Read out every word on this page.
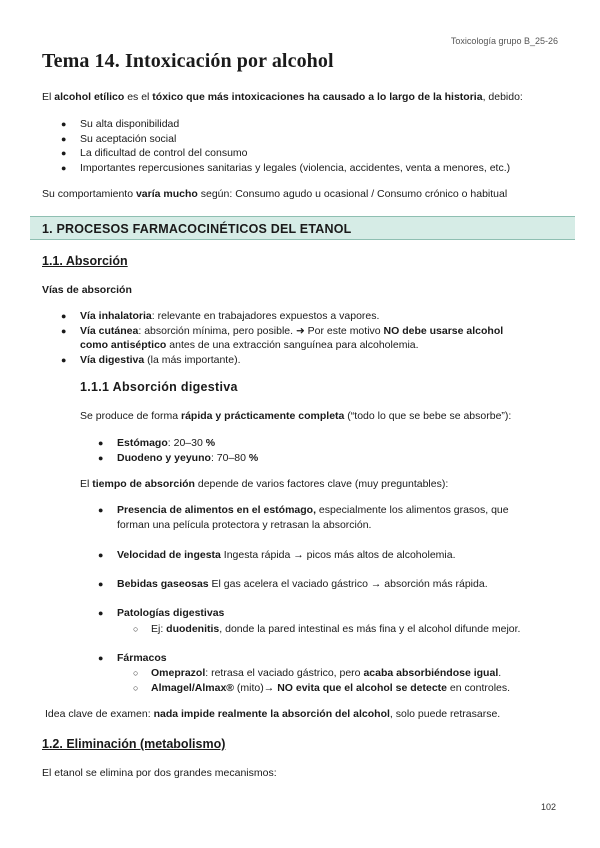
Toxicología grupo B_25-26
Tema 14. Intoxicación por alcohol
El alcohol etílico es el tóxico que más intoxicaciones ha causado a lo largo de la historia, debido:
● Su alta disponibilidad
● Su aceptación social
● La dificultad de control del consumo
● Importantes repercusiones sanitarias y legales (violencia, accidentes, venta a menores, etc.)
Su comportamiento varía mucho según: Consumo agudo u ocasional / Consumo crónico o habitual
1. PROCESOS FARMACOCINÉTICOS DEL ETANOL
1.1. Absorción
Vías de absorción
● Vía inhalatoria: relevante en trabajadores expuestos a vapores.
● Vía cutánea: absorción mínima, pero posible. ➜ Por este motivo NO debe usarse alcohol
como antiséptico antes de una extracción sanguínea para alcoholemia.
● Vía digestiva (la más importante).
1.1.1 Absorción digestiva
Se produce de forma rápida y prácticamente completa (“todo lo que se bebe se absorbe”):
● Estómago: 20–30 %
● Duodeno y yeyuno: 70–80 %
El tiempo de absorción depende de varios factores clave (muy preguntables):
● Presencia de alimentos en el estómago, especialmente los alimentos grasos, que
forman una película protectora y retrasan la absorción.
● Velocidad de ingesta Ingesta rápida → picos más altos de alcoholemia.
● Bebidas gaseosas El gas acelera el vaciado gástrico → absorción más rápida.
● Patologías digestivas
○ Ej: duodenitis, donde la pared intestinal es más fina y el alcohol difunde mejor.
● Fármacos
○ Omeprazol: retrasa el vaciado gástrico, pero acaba absorbiéndose igual.
○ Almagel/Almax® (mito)→ NO evita que el alcohol se detecte en controles.
Idea clave de examen: nada impide realmente la absorción del alcohol, solo puede retrasarse.
1.2. Eliminación (metabolismo)
El etanol se elimina por dos grandes mecanismos:
102
